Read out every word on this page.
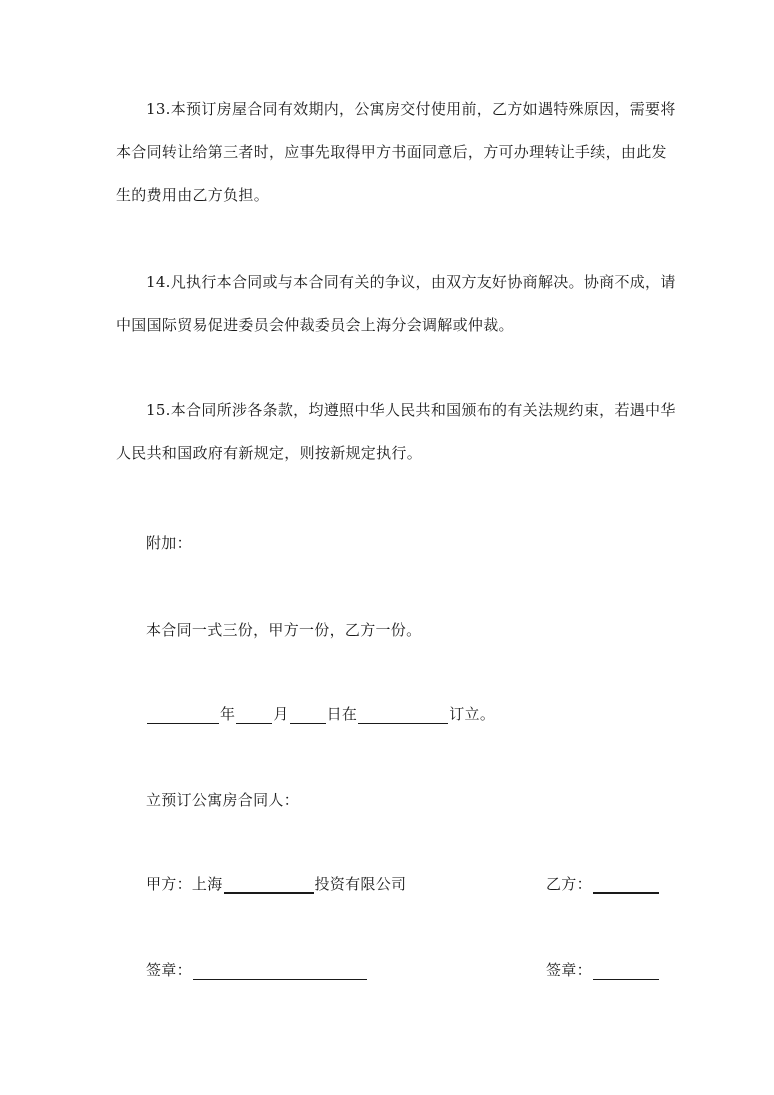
13.本预订房屋合同有效期内，公寓房交付使用前，乙方如遇特殊原因，需要将
本合同转让给第三者时，应事先取得甲方书面同意后，方可办理转让手续，由此发
生的费用由乙方负担。
14.凡执行本合同或与本合同有关的争议，由双方友好协商解决。协商不成，请
中国国际贸易促进委员会仲裁委员会上海分会调解或仲裁。
15.本合同所涉各条款，均遵照中华人民共和国颁布的有关法规约束，若遇中华
人民共和国政府有新规定，则按新规定执行。
附加：
本合同一式三份，甲方一份，乙方一份。
年	月	日在	订立。
立预订公寓房合同人：
甲方：上海	投资有限公司	乙方：
签章：	签章：
